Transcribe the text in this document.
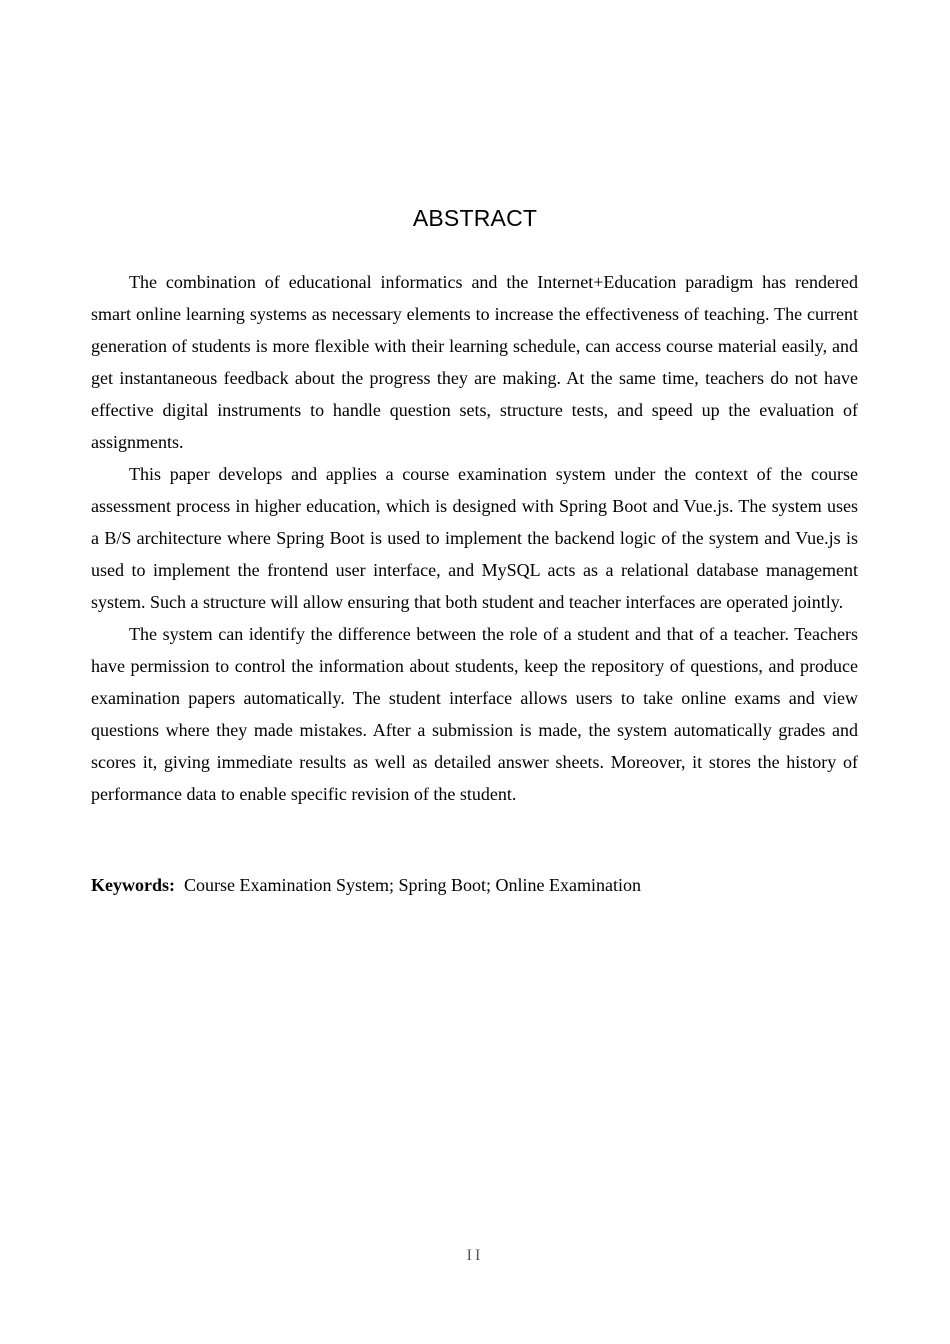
ABSTRACT

The combination of educational informatics and the Internet+Education paradigm has rendered smart online learning systems as necessary elements to increase the effectiveness of teaching. The current generation of students is more flexible with their learning schedule, can access course material easily, and get instantaneous feedback about the progress they are making. At the same time, teachers do not have effective digital instruments to handle question sets, structure tests, and speed up the evaluation of assignments.

This paper develops and applies a course examination system under the context of the course assessment process in higher education, which is designed with Spring Boot and Vue.js. The system uses a B/S architecture where Spring Boot is used to implement the backend logic of the system and Vue.js is used to implement the frontend user interface, and MySQL acts as a relational database management system. Such a structure will allow ensuring that both student and teacher interfaces are operated jointly.

The system can identify the difference between the role of a student and that of a teacher. Teachers have permission to control the information about students, keep the repository of questions, and produce examination papers automatically. The student interface allows users to take online exams and view questions where they made mistakes. After a submission is made, the system automatically grades and scores it, giving immediate results as well as detailed answer sheets. Moreover, it stores the history of performance data to enable specific revision of the student.

Keywords: Course Examination System; Spring Boot; Online Examination

II
